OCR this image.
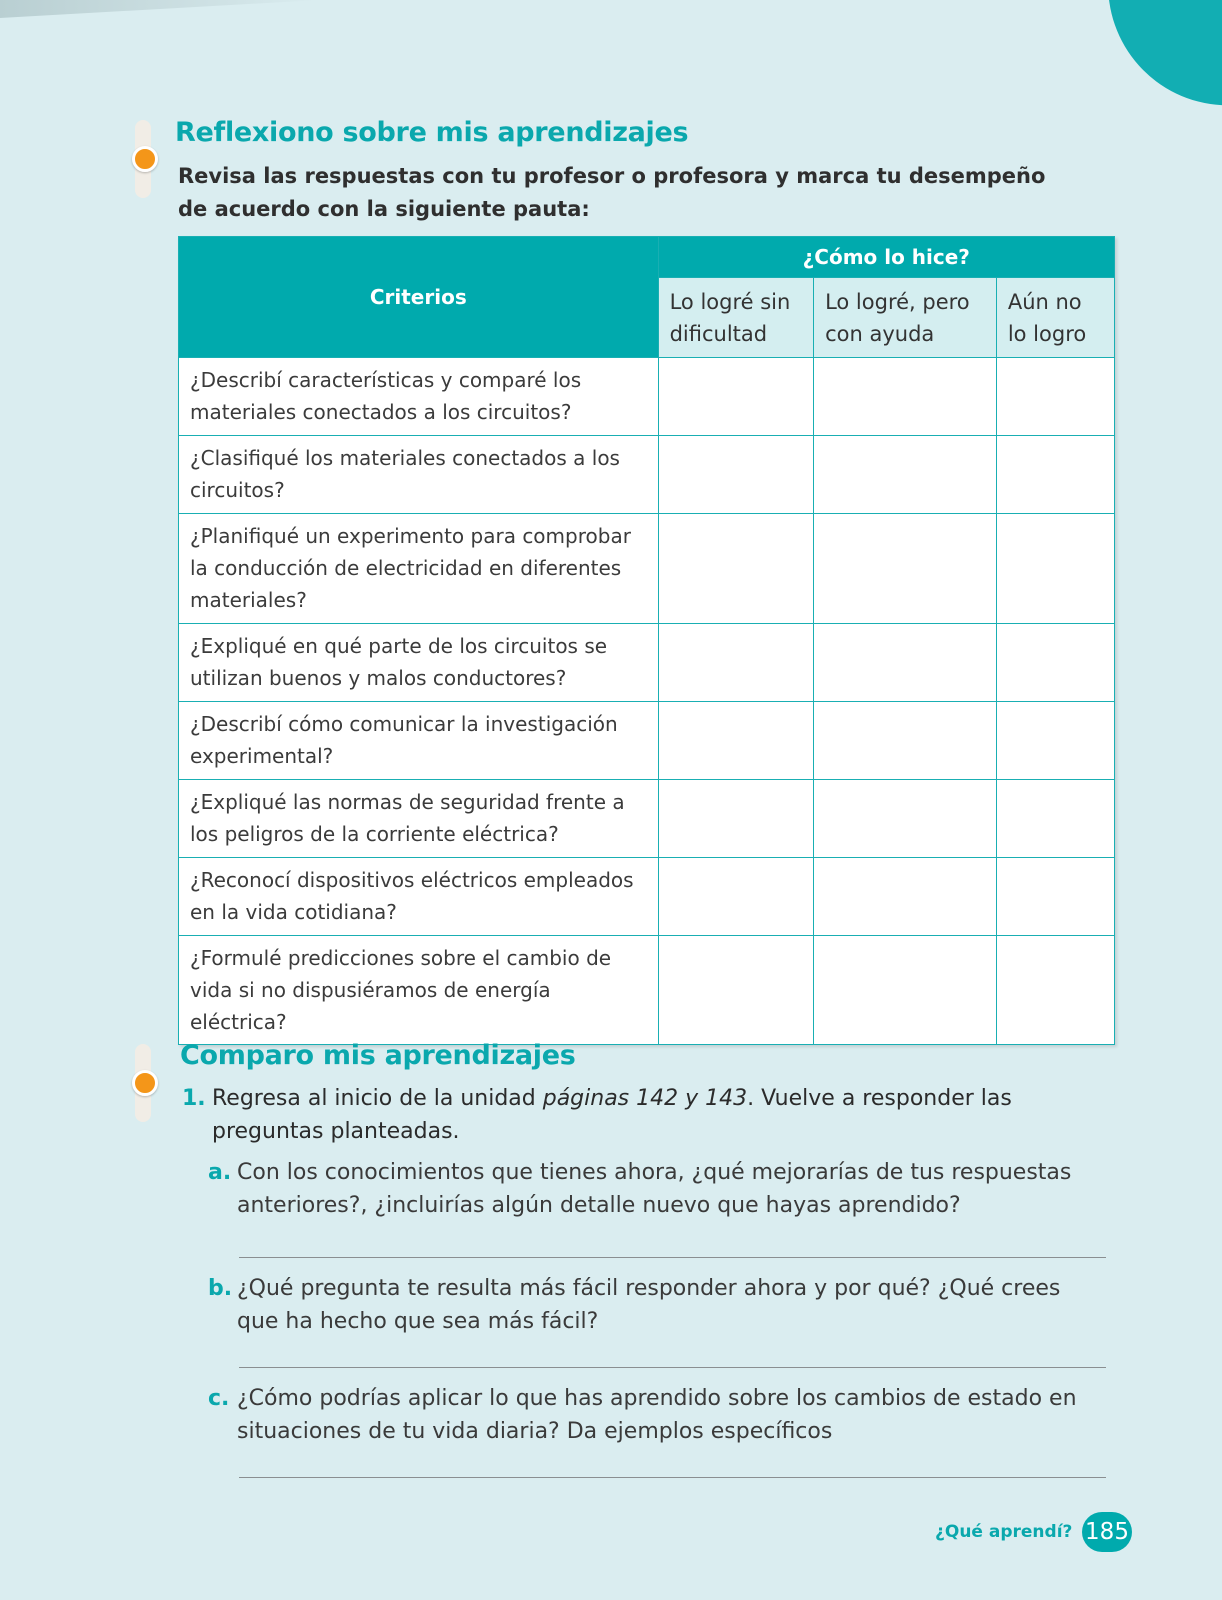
Reflexiono sobre mis aprendizajes

Revisa las respuestas con tu profesor o profesora y marca tu desempeño de acuerdo con la siguiente pauta:

Criterios	¿Cómo lo hice?		
	Lo logré sin dificultad	Lo logré, pero con ayuda	Aún no lo logro
¿Describí características y comparé los materiales conectados a los circuitos?			
¿Clasifiqué los materiales conectados a los circuitos?			
¿Planifiqué un experimento para comprobar la conducción de electricidad en diferentes materiales?			
¿Expliqué en qué parte de los circuitos se utilizan buenos y malos conductores?			
¿Describí cómo comunicar la investigación experimental?			
¿Expliqué las normas de seguridad frente a los peligros de la corriente eléctrica?			
¿Reconocí dispositivos eléctricos empleados en la vida cotidiana?			
¿Formulé predicciones sobre el cambio de vida si no dispusiéramos de energía eléctrica?			
Comparo mis aprendizajes
1. Regresa al inicio de la unidad páginas 142 y 143. Vuelve a responder las preguntas planteadas.
a. Con los conocimientos que tienes ahora, ¿qué mejorarías de tus respuestas anteriores?, ¿incluirías algún detalle nuevo que hayas aprendido?
b. ¿Qué pregunta te resulta más fácil responder ahora y por qué? ¿Qué crees que ha hecho que sea más fácil?
c. ¿Cómo podrías aplicar lo que has aprendido sobre los cambios de estado en situaciones de tu vida diaria? Da ejemplos específicos
¿Qué aprendí? 185
